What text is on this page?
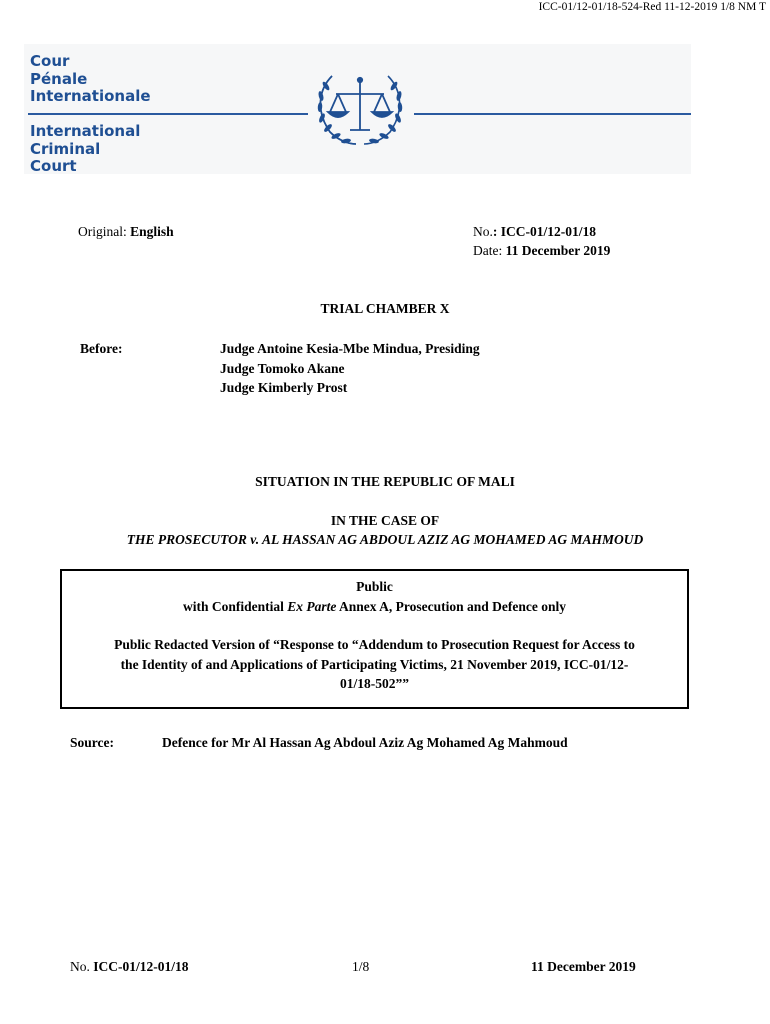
ICC-01/12-01/18-524-Red 11-12-2019 1/8 NM T
Cour
Pénale
Internationale
International
Criminal
Court
Original: English	No.: ICC-01/12-01/18
Date: 11 December 2019
TRIAL CHAMBER X
Before:	Judge Antoine Kesia-Mbe Mindua, Presiding
Judge Tomoko Akane
Judge Kimberly Prost
SITUATION IN THE REPUBLIC OF MALI
IN THE CASE OF
THE PROSECUTOR v. AL HASSAN AG ABDOUL AZIZ AG MOHAMED AG MAHMOUD
Public
with Confidential Ex Parte Annex A, Prosecution and Defence only
Public Redacted Version of “Response to “Addendum to Prosecution Request for Access to
the Identity of and Applications of Participating Victims, 21 November 2019, ICC-01/12-
01/18-502””
Source:	Defence for Mr Al Hassan Ag Abdoul Aziz Ag Mohamed Ag Mahmoud
No. ICC-01/12-01/18	1/8	11 December 2019
